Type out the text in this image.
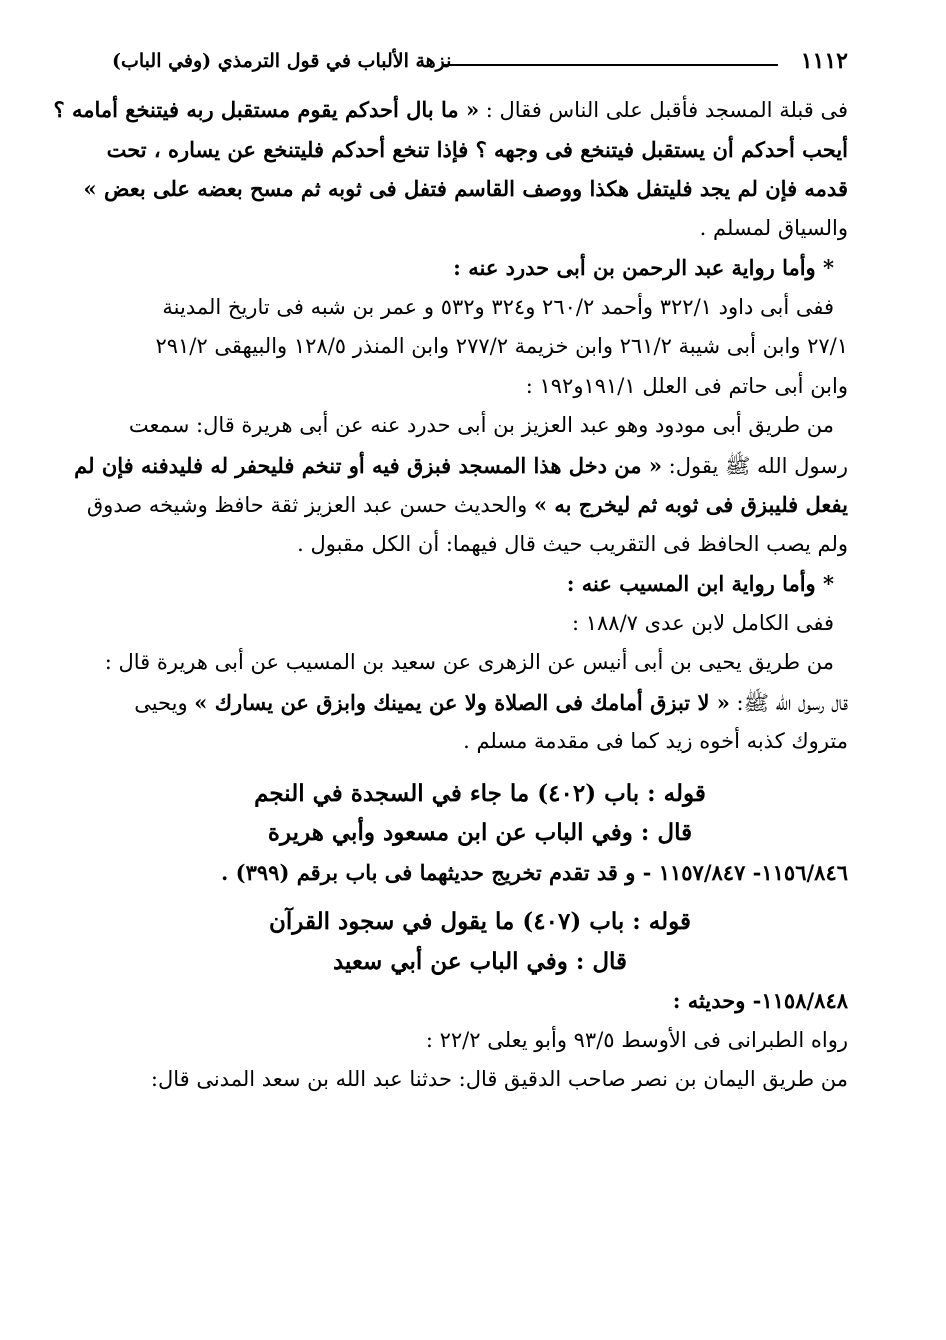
نزهة الألباب في قول الترمذي (وفي الباب)	١١١٢
فى قبلة المسجد فأقبل على الناس فقال : « ما بال أحدكم يقوم مستقبل ربه فيتنخع أمامه ؟
أيحب أحدكم أن يستقبل فيتنخع فى وجهه ؟ فإذا تنخع أحدكم فليتنخع عن يساره ، تحت
قدمه فإن لم يجد فليتفل هكذا ووصف القاسم فتفل فى ثوبه ثم مسح بعضه على بعض »
والسياق لمسلم .
* وأما رواية عبد الرحمن بن أبى حدرد عنه :
ففى أبى داود ٣٢٢/١ وأحمد ٢٦٠/٢ و٣٢٤ و٥٣٢ و عمر بن شبه فى تاريخ المدينة
٢٧/١ وابن أبى شيبة ٢٦١/٢ وابن خزيمة ٢٧٧/٢ وابن المنذر ١٢٨/٥ والبيهقى ٢٩١/٢
وابن أبى حاتم فى العلل ١٩١/١و١٩٢ :
من طريق أبى مودود وهو عبد العزيز بن أبى حدرد عنه عن أبى هريرة قال: سمعت
رسول الله ﷺ يقول: « من دخل هذا المسجد فبزق فيه أو تنخم فليحفر له فليدفنه فإن لم
يفعل فليبزق فى ثوبه ثم ليخرج به » والحديث حسن عبد العزيز ثقة حافظ وشيخه صدوق
ولم يصب الحافظ فى التقريب حيث قال فيهما: أن الكل مقبول .
* وأما رواية ابن المسيب عنه :
ففى الكامل لابن عدى ١٨٨/٧ :
من طريق يحيى بن أبى أنيس عن الزهرى عن سعيد بن المسيب عن أبى هريرة قال :
قال رسول الله ﷺ: « لا تبزق أمامك فى الصلاة ولا عن يمينك وابزق عن يسارك » ويحيى
متروك كذبه أخوه زيد كما فى مقدمة مسلم .
قوله : باب (٤٠٢) ما جاء في السجدة في النجم
قال : وفي الباب عن ابن مسعود وأبي هريرة
١١٥٦/٨٤٦- ١١٥٧/٨٤٧ - و قد تقدم تخريج حديثهما فى باب برقم (٣٩٩) .
قوله : باب (٤٠٧) ما يقول في سجود القرآن
قال : وفي الباب عن أبي سعيد
١١٥٨/٨٤٨- وحديثه :
رواه الطبرانى فى الأوسط ٩٣/٥ وأبو يعلى ٢٢/٢ :
من طريق اليمان بن نصر صاحب الدقيق قال: حدثنا عبد الله بن سعد المدنى قال:
